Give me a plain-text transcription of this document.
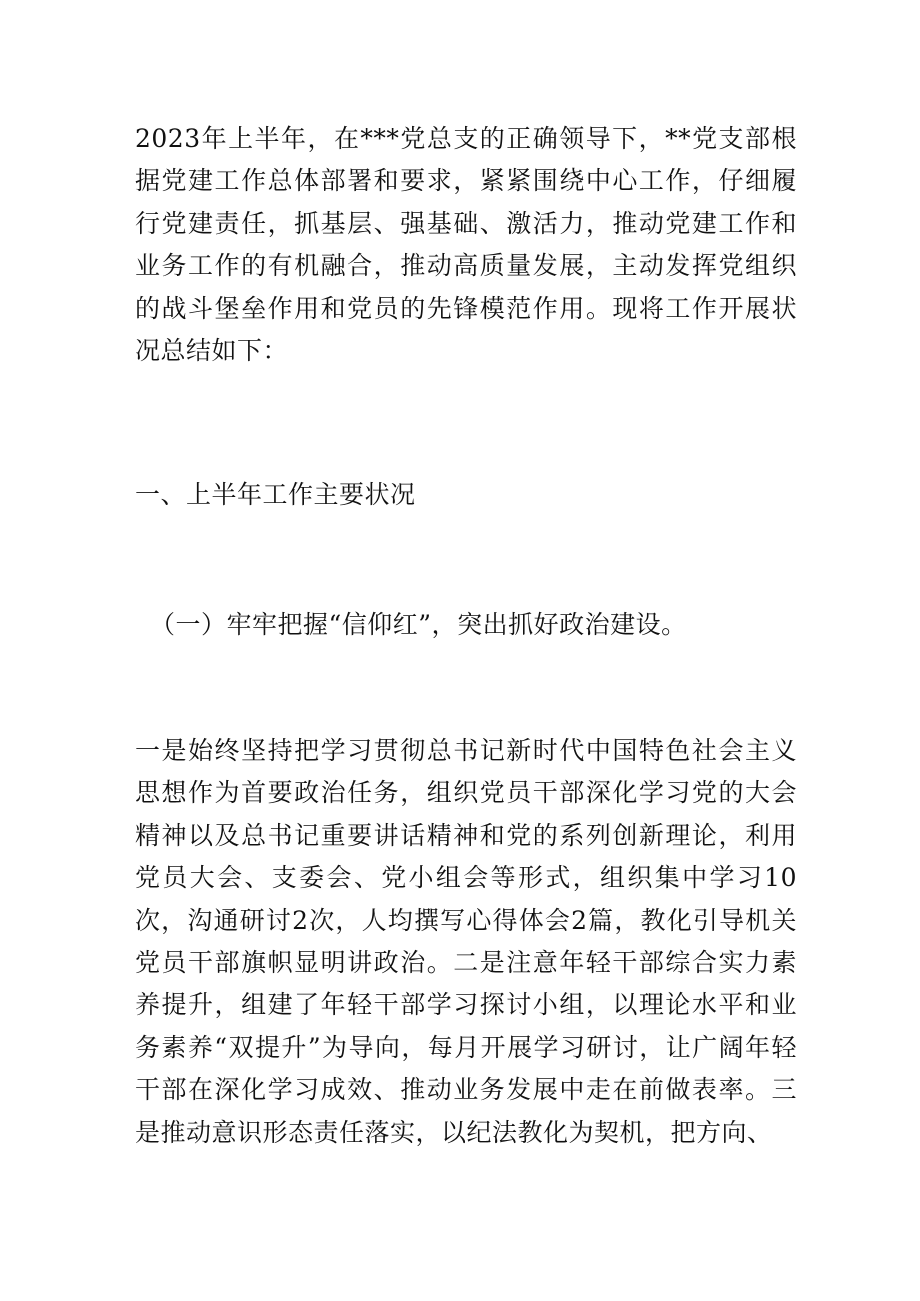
2023年上半年，在***党总支的正确领导下，**党支部根据党建工作总体部署和要求，紧紧围绕中心工作，仔细履行党建责任，抓基层、强基础、激活力，推动党建工作和业务工作的有机融合，推动高质量发展，主动发挥党组织的战斗堡垒作用和党员的先锋模范作用。现将工作开展状况总结如下：

一、上半年工作主要状况
（一）牢牢把握“信仰红”，突出抓好政治建设。

一是始终坚持把学习贯彻总书记新时代中国特色社会主义思想作为首要政治任务，组织党员干部深化学习党的大会精神以及总书记重要讲话精神和党的系列创新理论，利用党员大会、支委会、党小组会等形式，组织集中学习10次，沟通研讨2次，人均撰写心得体会2篇，教化引导机关党员干部旗帜显明讲政治。二是注意年轻干部综合实力素养提升，组建了年轻干部学习探讨小组，以理论水平和业务素养“双提升”为导向，每月开展学习研讨，让广阔年轻干部在深化学习成效、推动业务发展中走在前做表率。三是推动意识形态责任落实，以纪法教化为契机，把方向、
